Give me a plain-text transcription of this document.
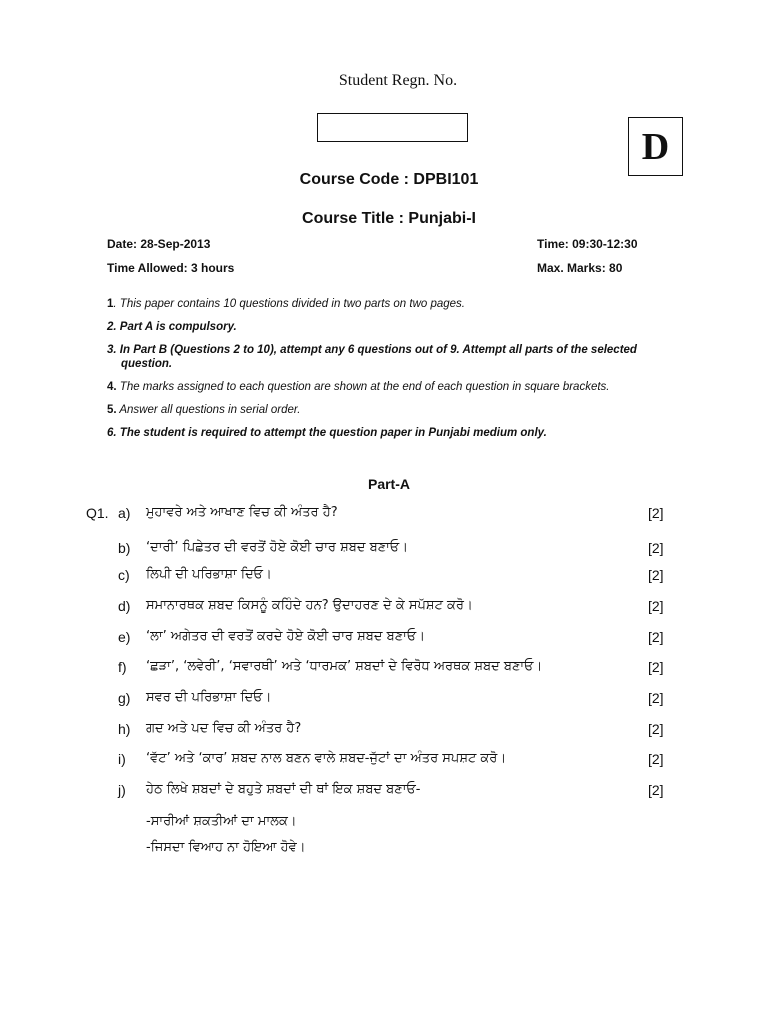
Student Regn. No.
D
Course Code : DPBI101
Course Title : Punjabi-I
Date: 28-Sep-2013	Time: 09:30-12:30
Time Allowed: 3 hours	Max. Marks: 80
1. This paper contains 10 questions divided in two parts on two pages.
2. Part A is compulsory.
3. In Part B (Questions 2 to 10), attempt any 6 questions out of 9. Attempt all parts of the selected
question.
4. The marks assigned to each question are shown at the end of each question in square brackets.
5. Answer all questions in serial order.
6. The student is required to attempt the question paper in Punjabi medium only.
Part-A
Q1. a) ਮੁਹਾਵਰੇ ਅਤੇ ਆਖਾਣ ਵਿਚ ਕੀ ਅੰਤਰ ਹੈ?	[2]
b) ‘ਦਾਰੀ’ ਪਿਛੇਤਰ ਦੀ ਵਰਤੋਂ ਹੋਏ ਕੋਈ ਚਾਰ ਸ਼ਬਦ ਬਣਾਓ।	[2]
c) ਲਿਪੀ ਦੀ ਪਰਿਭਾਸ਼ਾ ਦਿਓ।	[2]
d) ਸਮਾਨਾਰਥਕ ਸ਼ਬਦ ਕਿਸਨੂੰ ਕਹਿੰਦੇ ਹਨ? ਉਦਾਹਰਣ ਦੇ ਕੇ ਸਪੱਸ਼ਟ ਕਰੋ।	[2]
e) ‘ਲਾ’ ਅਗੇਤਰ ਦੀ ਵਰਤੋਂ ਕਰਦੇ ਹੋਏ ਕੋਈ ਚਾਰ ਸ਼ਬਦ ਬਣਾਓ।	[2]
f) ‘ਛੜਾ’, ‘ਲਵੇਰੀ’, ‘ਸਵਾਰਥੀ’ ਅਤੇ ‘ਧਾਰਮਕ’ ਸ਼ਬਦਾਂ ਦੇ ਵਿਰੋਧ ਅਰਥਕ ਸ਼ਬਦ ਬਣਾਓ।	[2]
g) ਸਵਰ ਦੀ ਪਰਿਭਾਸ਼ਾ ਦਿਓ।	[2]
h) ਗਦ ਅਤੇ ਪਦ ਵਿਚ ਕੀ ਅੰਤਰ ਹੈ?	[2]
i) ‘ਵੱਟ’ ਅਤੇ ‘ਕਾਰ’ ਸ਼ਬਦ ਨਾਲ ਬਣਨ ਵਾਲੇ ਸ਼ਬਦ-ਜੁੱਟਾਂ ਦਾ ਅੰਤਰ ਸਪਸ਼ਟ ਕਰੋ।	[2]
j) ਹੇਠ ਲਿਖੇ ਸ਼ਬਦਾਂ ਦੇ ਬਹੁਤੇ ਸ਼ਬਦਾਂ ਦੀ ਥਾਂ ਇਕ ਸ਼ਬਦ ਬਣਾਓ-	[2]
-ਸਾਰੀਆਂ ਸ਼ਕਤੀਆਂ ਦਾ ਮਾਲਕ।
-ਜਿਸਦਾ ਵਿਆਹ ਨਾ ਹੋਇਆ ਹੋਵੇ।
